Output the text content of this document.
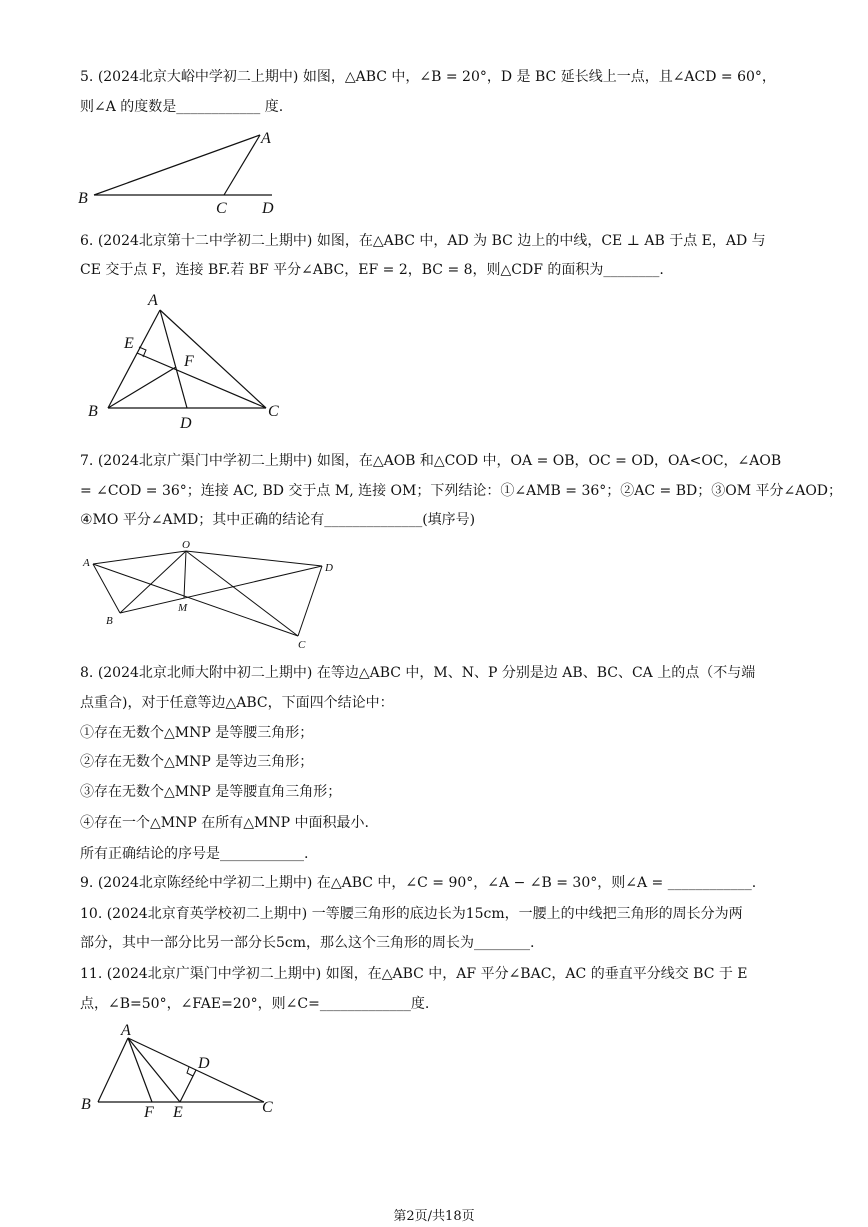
5. (2024北京大峪中学初二上期中) 如图，△ABC 中，∠B = 20°，D 是 BC 延长线上一点，且∠ACD = 60°，
则∠A 的度数是____________ 度.
A
B
C D
6. (2024北京第十二中学初二上期中) 如图，在△ABC 中，AD 为 BC 边上的中线，CE ⊥ AB 于点 E，AD 与
CE 交于点 F，连接 BF.若 BF 平分∠ABC，EF = 2，BC = 8，则△CDF 的面积为________.
A
E
F
B
D
C
7. (2024北京广渠门中学初二上期中) 如图，在△AOB 和△COD 中，OA = OB，OC = OD，OA<OC，∠AOB
= ∠COD = 36°；连接 AC, BD 交于点 M, 连接 OM；下列结论：①∠AMB = 36°；②AC = BD；③OM 平分∠AOD；
④MO 平分∠AMD；其中正确的结论有______________(填序号)
O
A	D
M
B
C
8. (2024北京北师大附中初二上期中) 在等边△ABC 中，M、N、P 分别是边 AB、BC、CA 上的点（不与端
点重合)，对于任意等边△ABC，下面四个结论中：
①存在无数个△MNP 是等腰三角形；
②存在无数个△MNP 是等边三角形；
③存在无数个△MNP 是等腰直角三角形；
④存在一个△MNP 在所有△MNP 中面积最小.
所有正确结论的序号是____________.
9. (2024北京陈经纶中学初二上期中) 在△ABC 中，∠C = 90°，∠A − ∠B = 30°，则∠A = ____________.
10. (2024北京育英学校初二上期中) 一等腰三角形的底边长为15cm，一腰上的中线把三角形的周长分为两
部分，其中一部分比另一部分长5cm，那么这个三角形的周长为________.
11. (2024北京广渠门中学初二上期中) 如图，在△ABC 中，AF 平分∠BAC，AC 的垂直平分线交 BC 于 E
点，∠B=50°，∠FAE=20°，则∠C=_____________度.
A
D
B	F E	C
第2页/共18页
